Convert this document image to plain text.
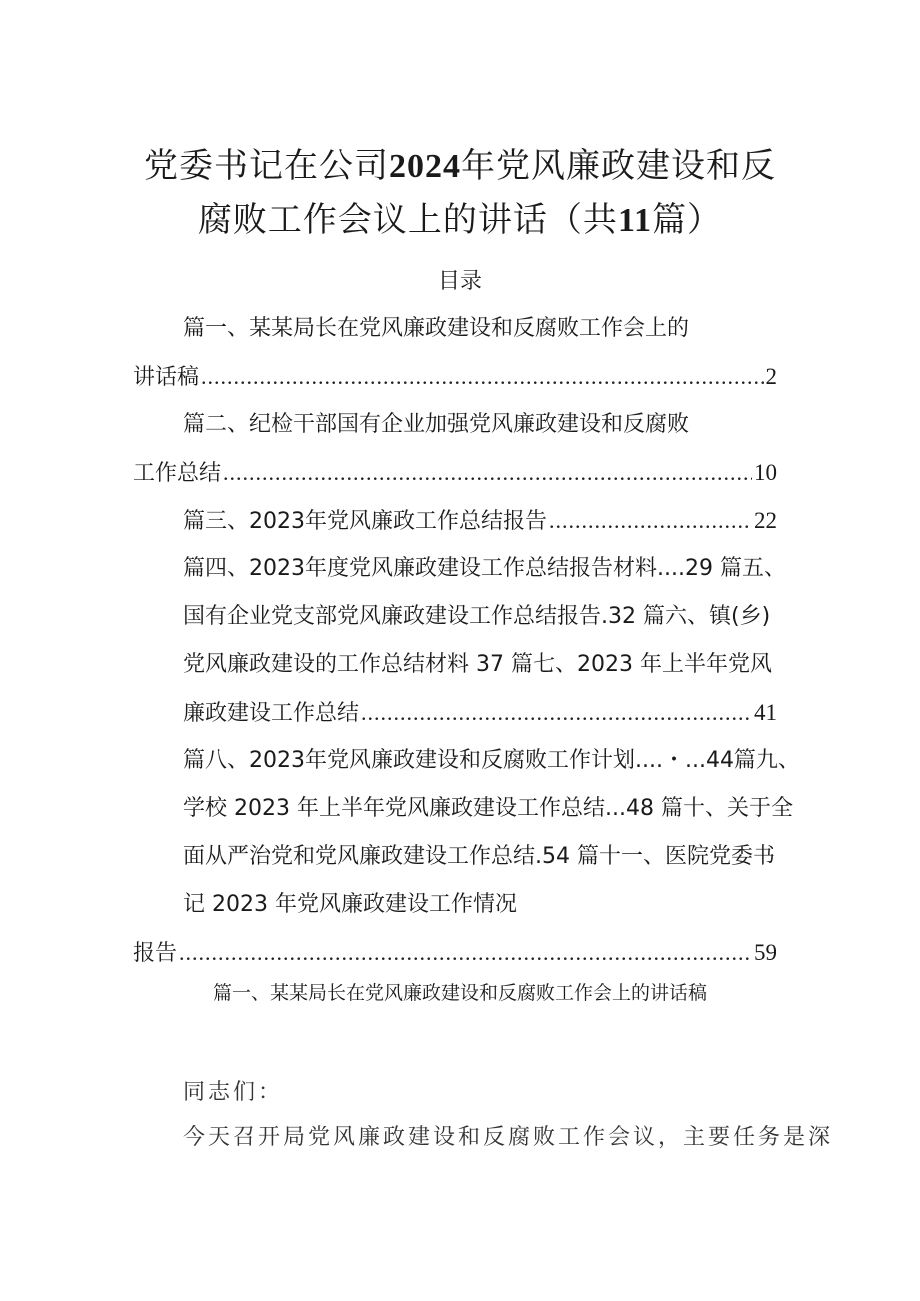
党委书记在公司2024年党风廉政建设和反
腐败工作会议上的讲话（共11篇）
目录
篇一、某某局长在党风廉政建设和反腐败工作会上的
讲话稿 .....	2
篇二、纪检干部国有企业加强党风廉政建设和反腐败
工作总结 .....	10
篇三、2023年党风廉政工作总结报告 .....	22
篇四、2023年度党风廉政建设工作总结报告材料....29 篇五、
国有企业党支部党风廉政建设工作总结报告.32 篇六、镇(乡)
党风廉政建设的工作总结材料 37 篇七、2023 年上半年党风
廉政建设工作总结 .....	41
篇八、2023年党风廉政建设和反腐败工作计划....・...44篇九、
学校 2023 年上半年党风廉政建设工作总结...48 篇十、关于全
面从严治党和党风廉政建设工作总结.54 篇十一、医院党委书
记 2023 年党风廉政建设工作情况
报告 .....	59
篇一、某某局长在党风廉政建设和反腐败工作会上的讲话稿
同志们：
今天召开局党风廉政建设和反腐败工作会议，主要任务是深
